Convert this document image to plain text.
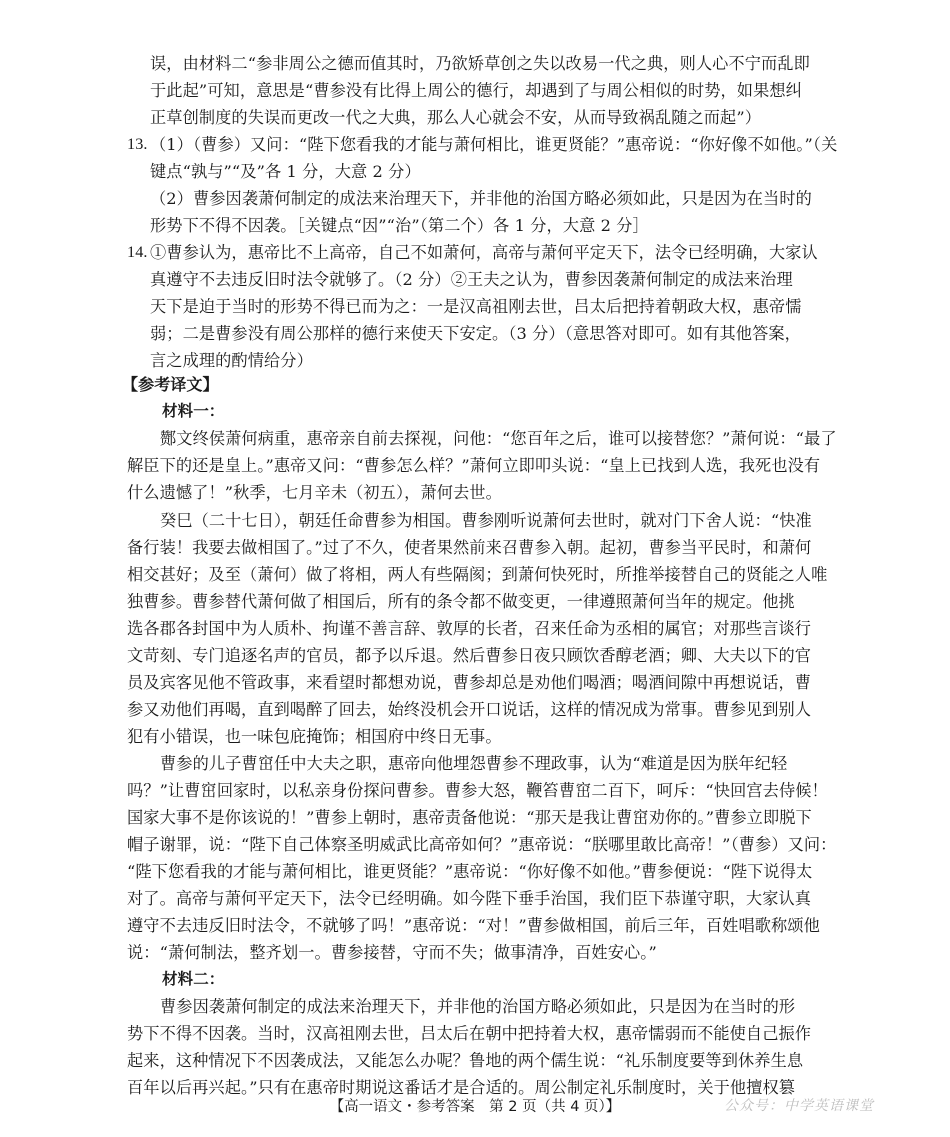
误，由材料二“参非周公之德而值其时，乃欲矫草创之失以改易一代之典，则人心不宁而乱即
于此起”可知，意思是“曹参没有比得上周公的德行，却遇到了与周公相似的时势，如果想纠
正草创制度的失误而更改一代之大典，那么人心就会不安，从而导致祸乱随之而起”）
13. （1）（曹参）又问：“陛下您看我的才能与萧何相比，谁更贤能？”惠帝说：“你好像不如他。”（关
键点“孰与”“及”各 1 分，大意 2 分）
（2）曹参因袭萧何制定的成法来治理天下，并非他的治国方略必须如此，只是因为在当时的
形势下不得不因袭。［关键点“因”“治”（第二个）各 1 分，大意 2 分］
14. ①曹参认为，惠帝比不上高帝，自己不如萧何，高帝与萧何平定天下，法令已经明确，大家认
真遵守不去违反旧时法令就够了。（2 分）②王夫之认为，曹参因袭萧何制定的成法来治理
天下是迫于当时的形势不得已而为之：一是汉高祖刚去世，吕太后把持着朝政大权，惠帝懦
弱；二是曹参没有周公那样的德行来使天下安定。（3 分）（意思答对即可。如有其他答案，
言之成理的酌情给分）
【参考译文】
材料一：
酂文终侯萧何病重，惠帝亲自前去探视，问他：“您百年之后，谁可以接替您？”萧何说：“最了
解臣下的还是皇上。”惠帝又问：“曹参怎么样？”萧何立即叩头说：“皇上已找到人选，我死也没有
什么遗憾了！”秋季，七月辛未（初五），萧何去世。
癸巳（二十七日），朝廷任命曹参为相国。曹参刚听说萧何去世时，就对门下舍人说：“快准
备行装！我要去做相国了。”过了不久，使者果然前来召曹参入朝。起初，曹参当平民时，和萧何
相交甚好；及至（萧何）做了将相，两人有些隔阂；到萧何快死时，所推举接替自己的贤能之人唯
独曹参。曹参替代萧何做了相国后，所有的条令都不做变更，一律遵照萧何当年的规定。他挑
选各郡各封国中为人质朴、拘谨不善言辞、敦厚的长者，召来任命为丞相的属官；对那些言谈行
文苛刻、专门追逐名声的官员，都予以斥退。然后曹参日夜只顾饮香醇老酒；卿、大夫以下的官
员及宾客见他不管政事，来看望时都想劝说，曹参却总是劝他们喝酒；喝酒间隙中再想说话，曹
参又劝他们再喝，直到喝醉了回去，始终没机会开口说话，这样的情况成为常事。曹参见到别人
犯有小错误，也一味包庇掩饰；相国府中终日无事。
曹参的儿子曹窋任中大夫之职，惠帝向他埋怨曹参不理政事，认为“难道是因为朕年纪轻
吗？”让曹窋回家时，以私亲身份探问曹参。曹参大怒，鞭笞曹窋二百下，呵斥：“快回宫去侍候！
国家大事不是你该说的！”曹参上朝时，惠帝责备他说：“那天是我让曹窋劝你的。”曹参立即脱下
帽子谢罪，说：“陛下自己体察圣明威武比高帝如何？”惠帝说：“朕哪里敢比高帝！”（曹参）又问：
“陛下您看我的才能与萧何相比，谁更贤能？”惠帝说：“你好像不如他。”曹参便说：“陛下说得太
对了。高帝与萧何平定天下，法令已经明确。如今陛下垂手治国，我们臣下恭谨守职，大家认真
遵守不去违反旧时法令，不就够了吗！”惠帝说：“对！”曹参做相国，前后三年，百姓唱歌称颂他
说：“萧何制法，整齐划一。曹参接替，守而不失；做事清净，百姓安心。”
材料二：
曹参因袭萧何制定的成法来治理天下，并非他的治国方略必须如此，只是因为在当时的形
势下不得不因袭。当时，汉高祖刚去世，吕太后在朝中把持着大权，惠帝懦弱而不能使自己振作
起来，这种情况下不因袭成法，又能怎么办呢？鲁地的两个儒生说：“礼乐制度要等到休养生息
百年以后再兴起。”只有在惠帝时期说这番话才是合适的。周公制定礼乐制度时，关于他擅权篡
【高一语文・参考答案　第 2 页（共 4 页）】	公众号：中学英语课堂
